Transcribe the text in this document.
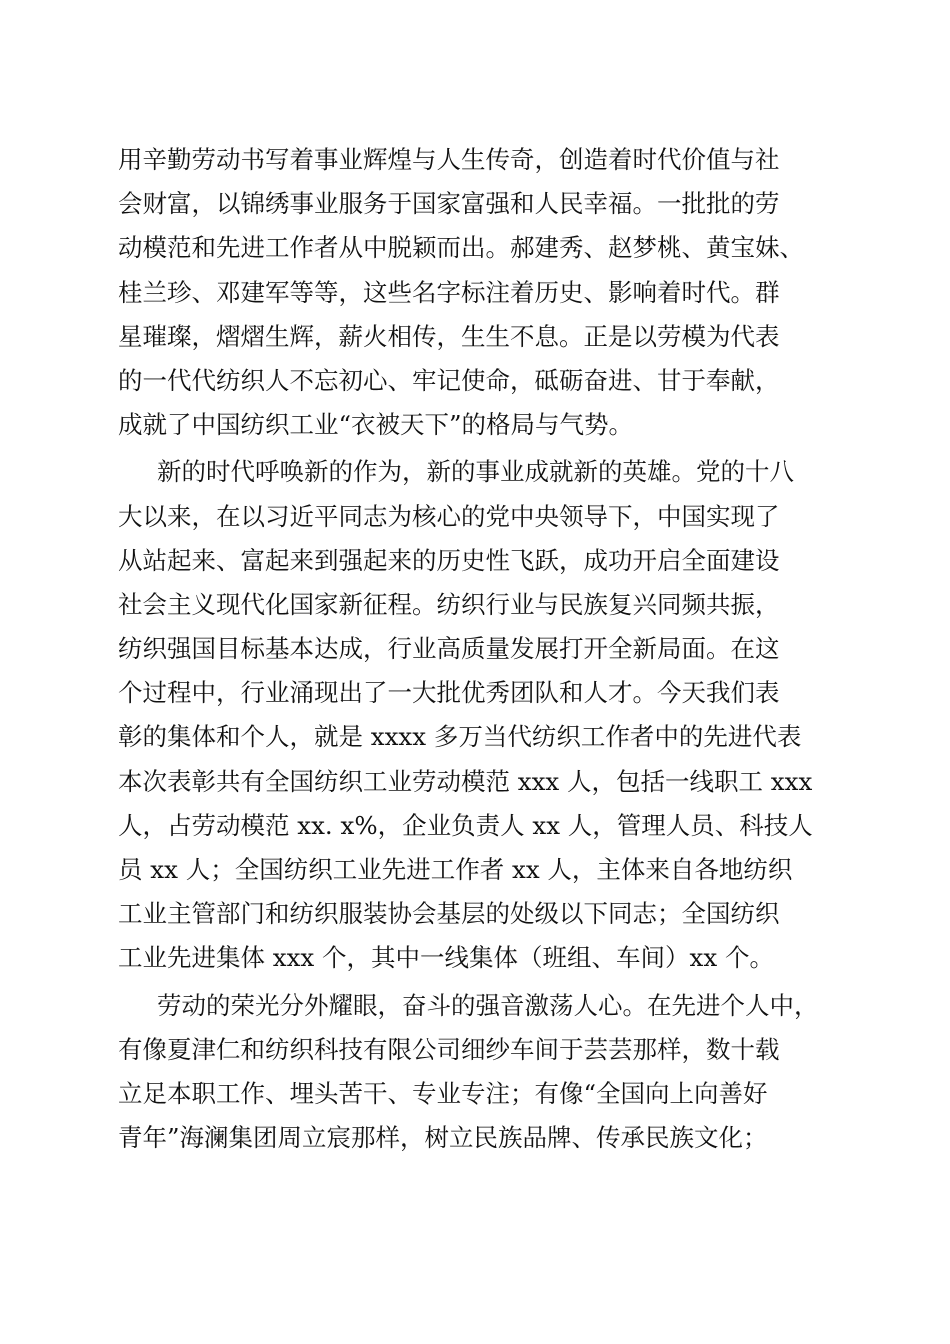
用辛勤劳动书写着事业辉煌与人生传奇，创造着时代价值与社
会财富，以锦绣事业服务于国家富强和人民幸福。一批批的劳
动模范和先进工作者从中脱颖而出。郝建秀、赵梦桃、黄宝妹、
桂兰珍、邓建军等等，这些名字标注着历史、影响着时代。群
星璀璨，熠熠生辉，薪火相传，生生不息。正是以劳模为代表
的一代代纺织人不忘初心、牢记使命，砥砺奋进、甘于奉献，
成就了中国纺织工业“衣被天下”的格局与气势。
新的时代呼唤新的作为，新的事业成就新的英雄。党的十八
大以来，在以习近平同志为核心的党中央领导下，中国实现了
从站起来、富起来到强起来的历史性飞跃，成功开启全面建设
社会主义现代化国家新征程。纺织行业与民族复兴同频共振，
纺织强国目标基本达成，行业高质量发展打开全新局面。在这
个过程中，行业涌现出了一大批优秀团队和人才。今天我们表
彰的集体和个人，就是 xxxx 多万当代纺织工作者中的先进代表
本次表彰共有全国纺织工业劳动模范 xxx 人，包括一线职工 xxx
人，占劳动模范 xx. x%，企业负责人 xx 人，管理人员、科技人
员 xx 人；全国纺织工业先进工作者 xx 人，主体来自各地纺织
工业主管部门和纺织服装协会基层的处级以下同志；全国纺织
工业先进集体 xxx 个，其中一线集体（班组、车间）xx 个。
劳动的荣光分外耀眼，奋斗的强音激荡人心。在先进个人中，
有像夏津仁和纺织科技有限公司细纱车间于芸芸那样，数十载
立足本职工作、埋头苦干、专业专注；有像“全国向上向善好
青年”海澜集团周立宸那样，树立民族品牌、传承民族文化；
